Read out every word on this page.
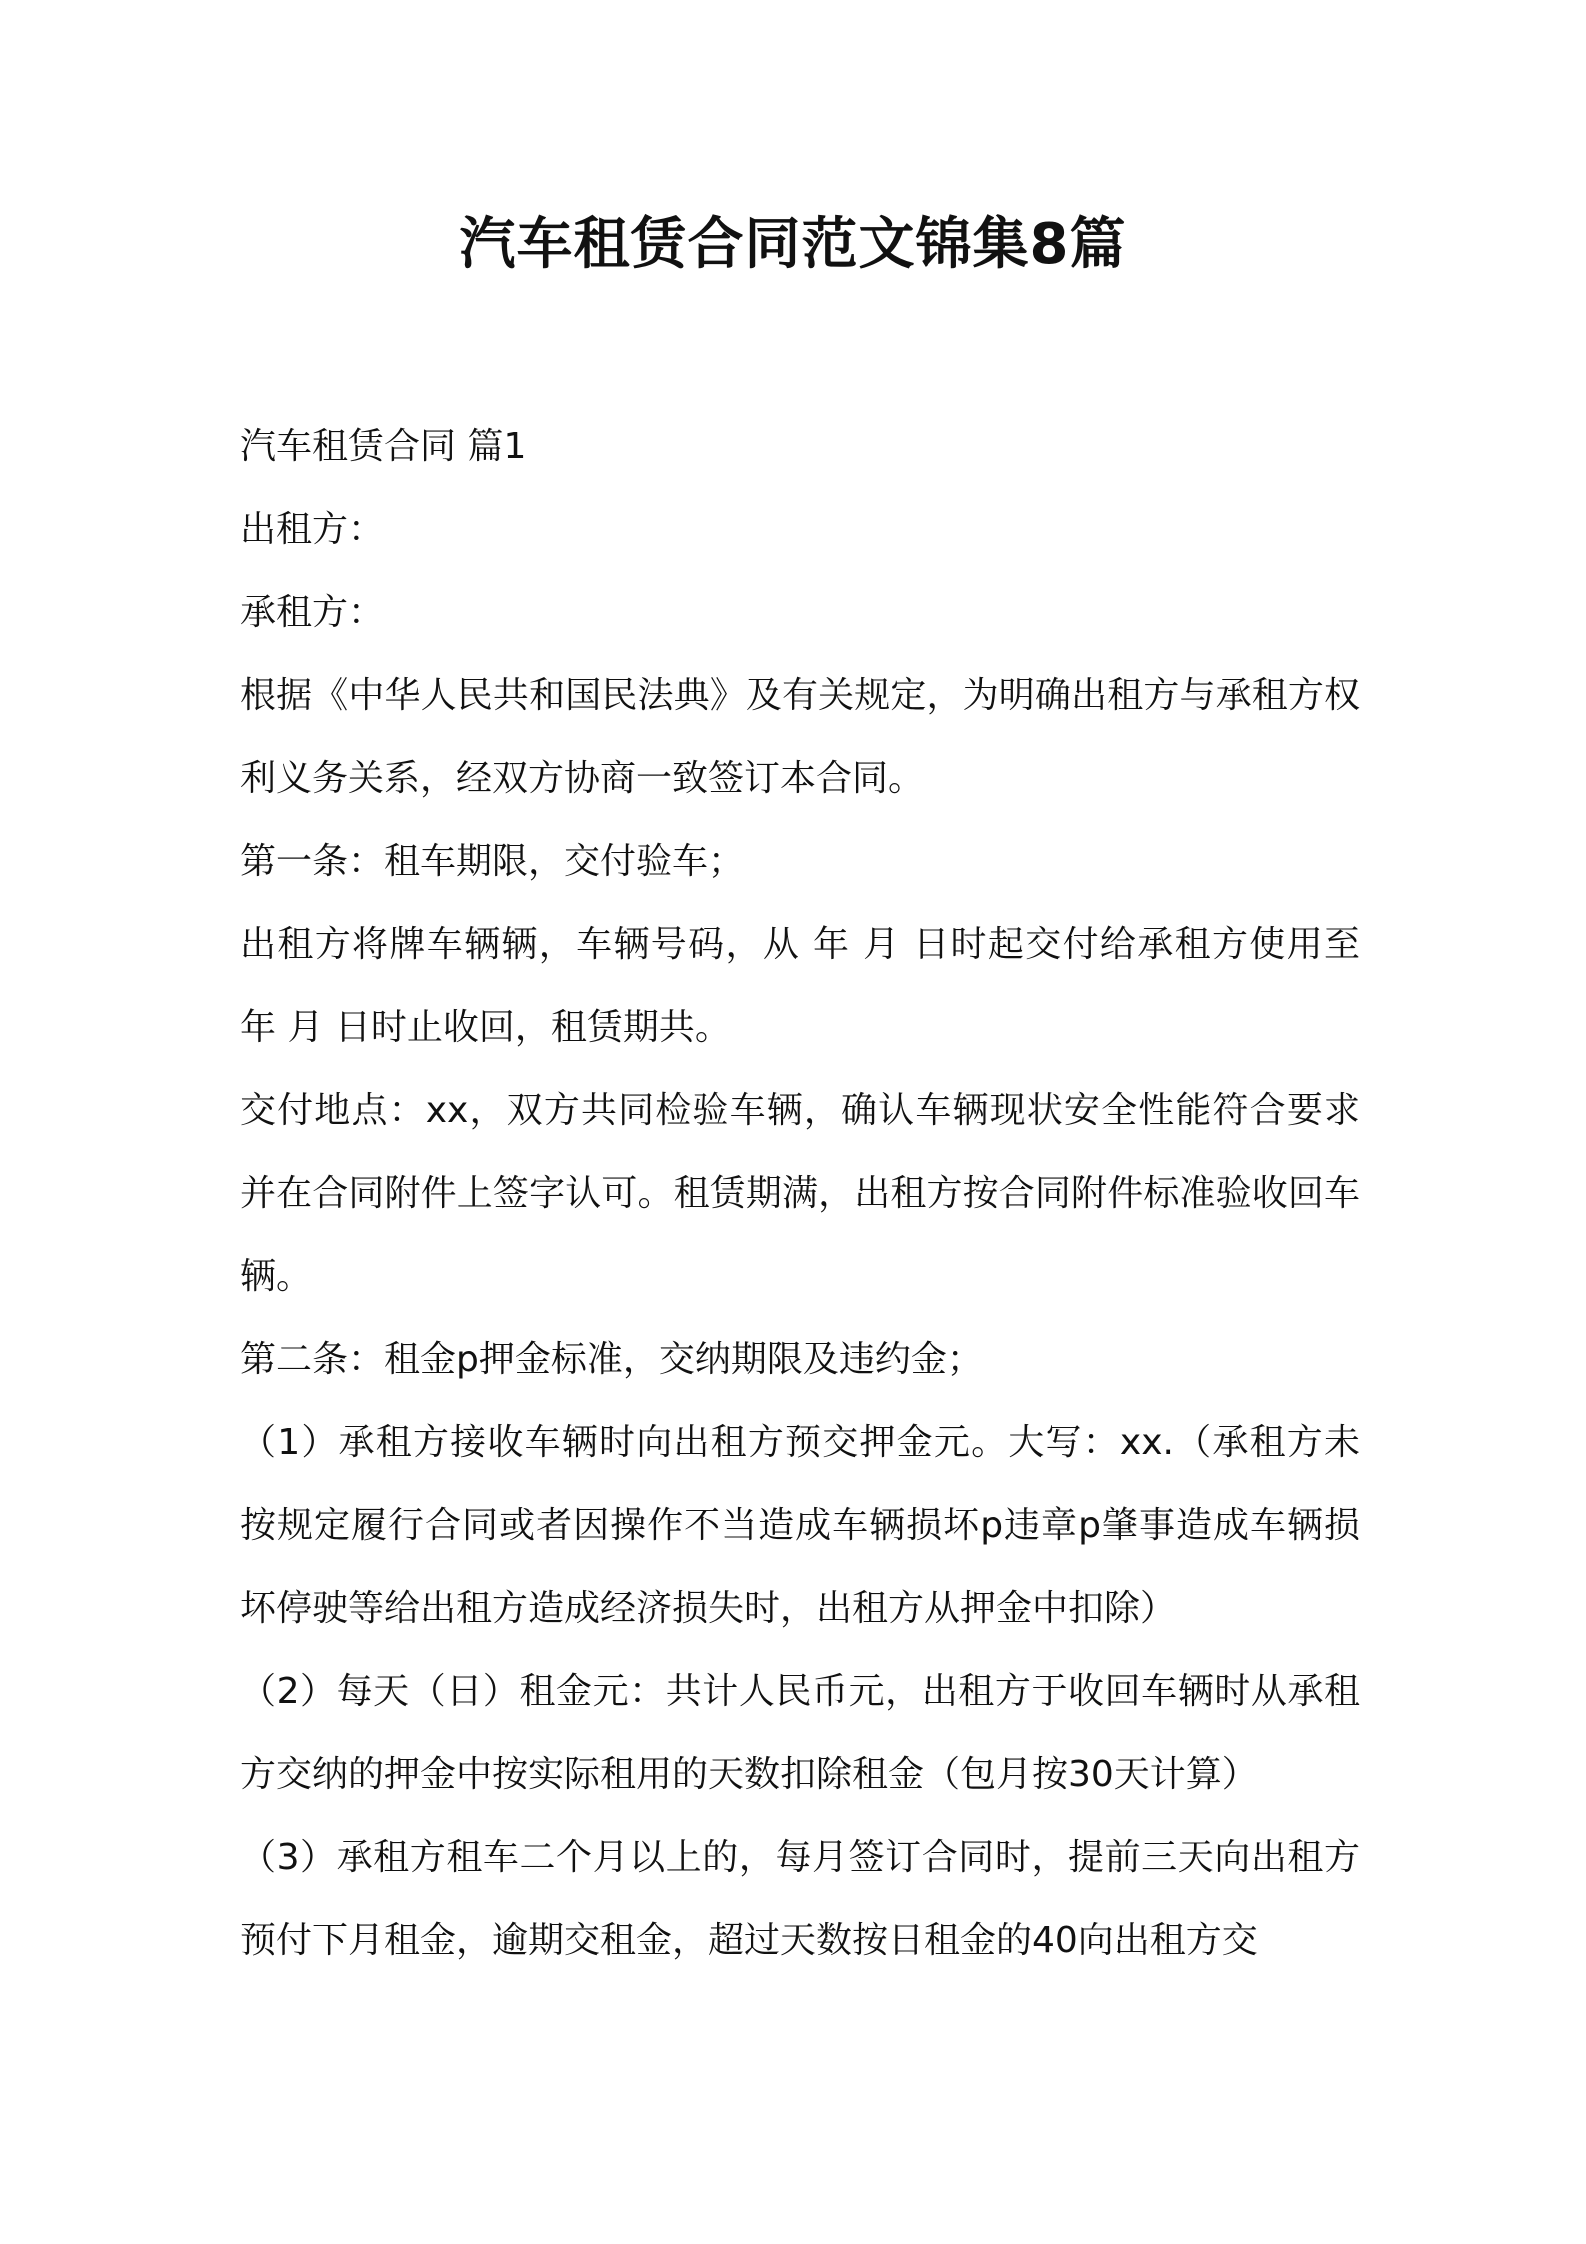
汽车租赁合同范文锦集8篇

汽车租赁合同 篇1

出租方：

承租方：

根据《中华人民共和国民法典》及有关规定，为明确出租方与承租方权利义务关系，经双方协商一致签订本合同。

第一条：租车期限，交付验车；

出租方将牌车辆辆，车辆号码，从 年 月 日时起交付给承租方使用至 年 月 日时止收回，租赁期共。

交付地点：xx，双方共同检验车辆，确认车辆现状安全性能符合要求并在合同附件上签字认可。租赁期满，出租方按合同附件标准验收回车辆。

第二条：租金p押金标准，交纳期限及违约金；

（1）承租方接收车辆时向出租方预交押金元。大写：xx.（承租方未按规定履行合同或者因操作不当造成车辆损坏p违章p肇事造成车辆损坏停驶等给出租方造成经济损失时，出租方从押金中扣除）

（2）每天（日）租金元：共计人民币元，出租方于收回车辆时从承租方交纳的押金中按实际租用的天数扣除租金（包月按30天计算）

（3）承租方租车二个月以上的，每月签订合同时，提前三天向出租方预付下月租金，逾期交租金，超过天数按日租金的40向出租方交
